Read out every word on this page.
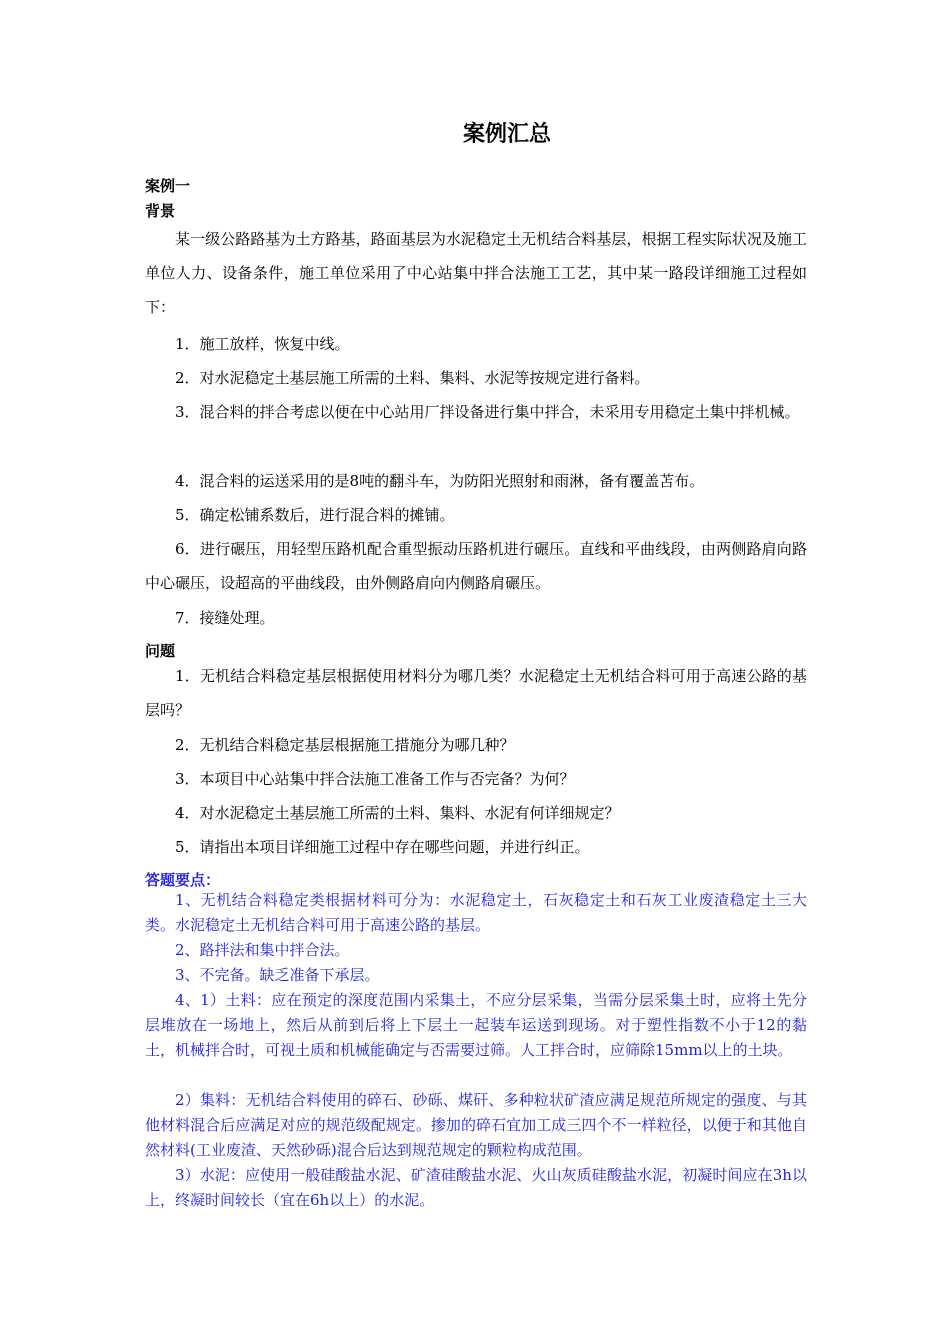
案例汇总
案例一
背景

某一级公路路基为土方路基，路面基层为水泥稳定土无机结合料基层，根据工程实际状况及施工单位人力、设备条件，施工单位采用了中心站集中拌合法施工工艺，其中某一路段详细施工过程如下：

1．施工放样，恢复中线。

2．对水泥稳定土基层施工所需的土料、集料、水泥等按规定进行备料。

3．混合料的拌合考虑以便在中心站用厂拌设备进行集中拌合，未采用专用稳定土集中拌机械。

4．混合料的运送采用的是8吨的翻斗车，为防阳光照射和雨淋，备有覆盖苫布。

5．确定松铺系数后，进行混合料的摊铺。

6．进行碾压，用轻型压路机配合重型振动压路机进行碾压。直线和平曲线段，由两侧路肩向路中心碾压，设超高的平曲线段，由外侧路肩向内侧路肩碾压。

7．接缝处理。

问题

1．无机结合料稳定基层根据使用材料分为哪几类？水泥稳定土无机结合料可用于高速公路的基层吗？

2．无机结合料稳定基层根据施工措施分为哪几种？

3．本项目中心站集中拌合法施工准备工作与否完备？为何？

4．对水泥稳定土基层施工所需的土料、集料、水泥有何详细规定？

5．请指出本项目详细施工过程中存在哪些问题，并进行纠正。

答题要点：

1、无机结合料稳定类根据材料可分为：水泥稳定土，石灰稳定土和石灰工业废渣稳定土三大类。水泥稳定土无机结合料可用于高速公路的基层。

2、路拌法和集中拌合法。

3、不完备。缺乏准备下承层。

4、1）土料：应在预定的深度范围内采集土，不应分层采集，当需分层采集土时，应将土先分层堆放在一场地上，然后从前到后将上下层土一起装车运送到现场。对于塑性指数不小于12的黏土，机械拌合时，可视土质和机械能确定与否需要过筛。人工拌合时，应筛除15mm以上的土块。

2）集料：无机结合料使用的碎石、砂砾、煤矸、多种粒状矿渣应满足规范所规定的强度、与其他材料混合后应满足对应的规范级配规定。掺加的碎石宜加工成三四个不一样粒径，以便于和其他自然材料(工业废渣、天然砂砾)混合后达到规范规定的颗粒构成范围。

3）水泥：应使用一般硅酸盐水泥、矿渣硅酸盐水泥、火山灰质硅酸盐水泥，初凝时间应在3h以上，终凝时间较长（宜在6h以上）的水泥。
